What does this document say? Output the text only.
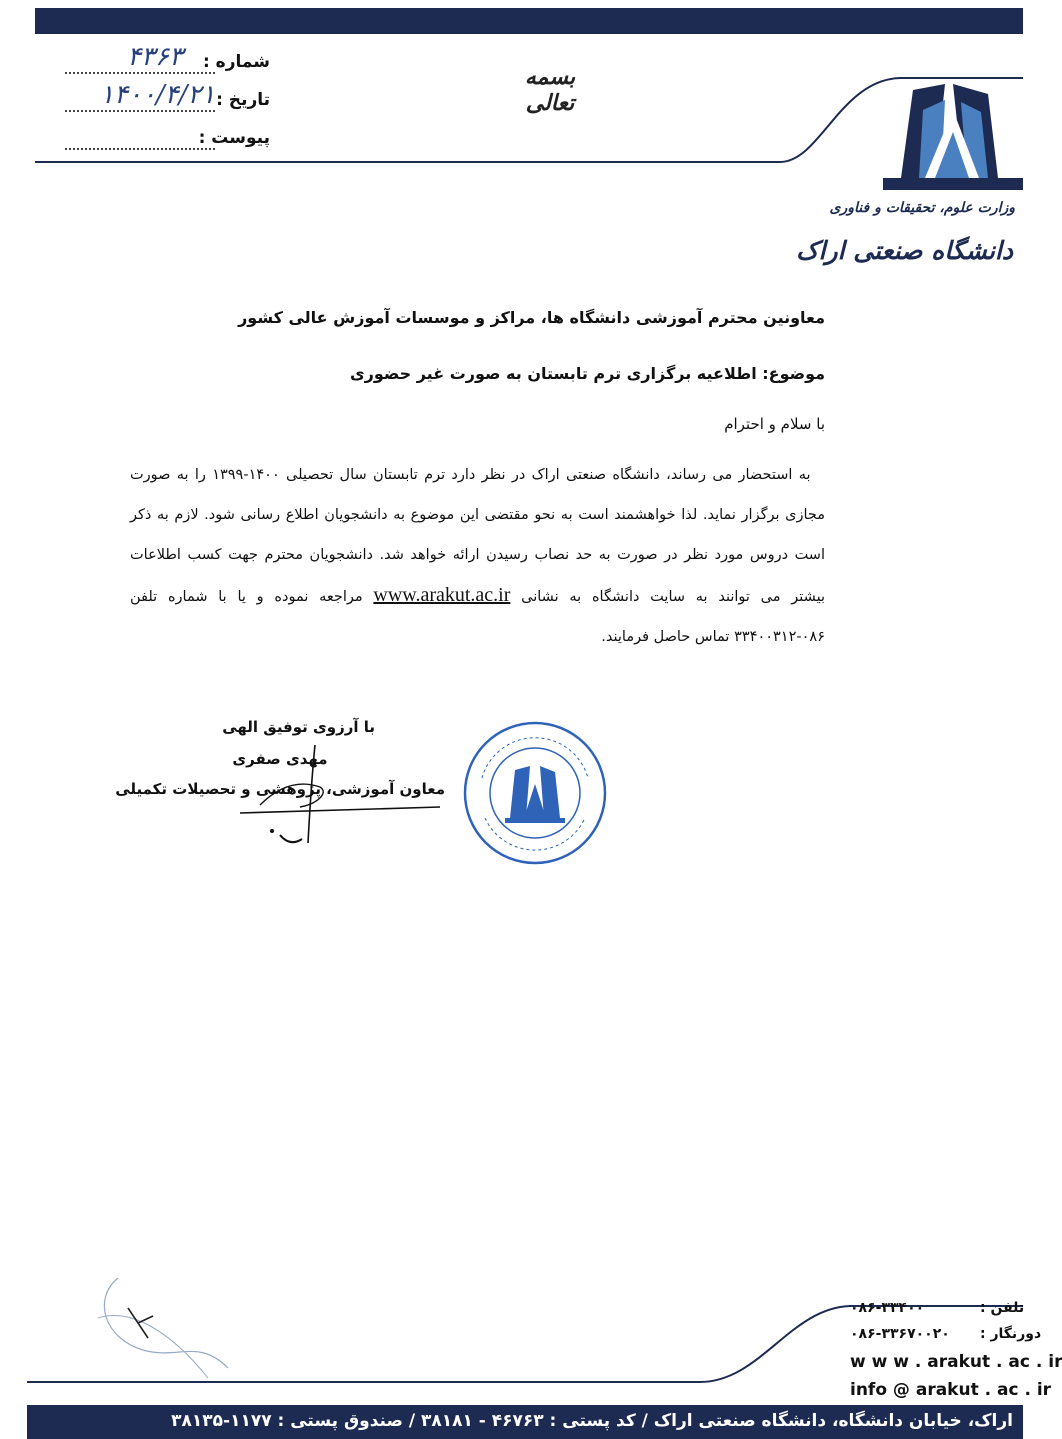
شماره :
۴۳۶۳
تاریخ :
۱۴۰۰/۴/۲۱
پیوست :
بسمه تعالی
وزارت علوم، تحقیقات و فناوری
دانشگاه صنعتی اراک
معاونین محترم آموزشی دانشگاه ها، مراکز و موسسات آموزش عالی کشور
موضوع: اطلاعیه برگزاری ترم تابستان به صورت غیر حضوری
با سلام و احترام
 به استحضار می رساند، دانشگاه صنعتی اراک در نظر دارد ترم تابستان سال تحصیلی ۱۴۰۰-۱۳۹۹ را به صورت مجازی برگزار نماید. لذا خواهشمند است به نحو مقتضی این موضوع به دانشجویان اطلاع رسانی شود. لازم به ذکر است دروس مورد نظر در صورت به حد نصاب رسیدن ارائه خواهد شد. دانشجویان محترم جهت کسب اطلاعات بیشتر می توانند به سایت دانشگاه به نشانی www.arakut.ac.ir مراجعه نموده و یا با شماره تلفن ۰۸۶-۳۳۴۰۰۳۱۲ تماس حاصل فرمایند.
با آرزوی توفیق الهی
مهدی صفری
معاون آموزشی، پژوهشی و تحصیلات تکمیلی
۰۸۶-۳۳۴۰۰	تلفن :
۰۸۶-۳۳۶۷۰۰۲۰ دورنگار :
w w w . arakut . ac . ir
info @ arakut . ac . ir
اراک، خیابان دانشگاه، دانشگاه صنعتی اراک / کد پستی : ۴۶۷۶۳ - ۳۸۱۸۱ / صندوق پستی : ۱۱۷۷-۳۸۱۳۵
